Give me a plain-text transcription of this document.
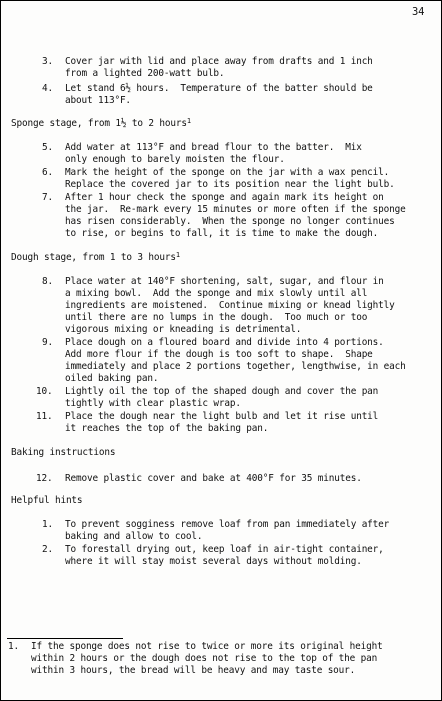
34
3. Cover jar with lid and place away from drafts and 1 inch
from a lighted 200-watt bulb.
4. Let stand 6½ hours.  Temperature of the batter should be
about 113°F.
Sponge stage, from 1½ to 2 hours$^1$
5. Add water at 113°F and bread flour to the batter.  Mix
only enough to barely moisten the flour.
6. Mark the height of the sponge on the jar with a wax pencil.
Replace the covered jar to its position near the light bulb.
7. After 1 hour check the sponge and again mark its height on
the jar.  Re-mark every 15 minutes or more often if the sponge
has risen considerably.  When the sponge no longer continues
to rise, or begins to fall, it is time to make the dough.
Dough stage, from 1 to 3 hours$^1$
8. Place water at 140°F shortening, salt, sugar, and flour in
a mixing bowl.  Add the sponge and mix slowly until all
ingredients are moistened.  Continue mixing or knead lightly
until there are no lumps in the dough.  Too much or too
vigorous mixing or kneading is detrimental.
9. Place dough on a floured board and divide into 4 portions.
Add more flour if the dough is too soft to shape.  Shape
immediately and place 2 portions together, lengthwise, in each
oiled baking pan.
10. Lightly oil the top of the shaped dough and cover the pan
tightly with clear plastic wrap.
11. Place the dough near the light bulb and let it rise until
it reaches the top of the baking pan.
Baking instructions
12. Remove plastic cover and bake at 400°F for 35 minutes.
Helpful hints
1. To prevent sogginess remove loaf from pan immediately after
baking and allow to cool.
2. To forestall drying out, keep loaf in air-tight container,
where it will stay moist several days without molding.
1. If the sponge does not rise to twice or more its original height
within 2 hours or the dough does not rise to the top of the pan
within 3 hours, the bread will be heavy and may taste sour.
